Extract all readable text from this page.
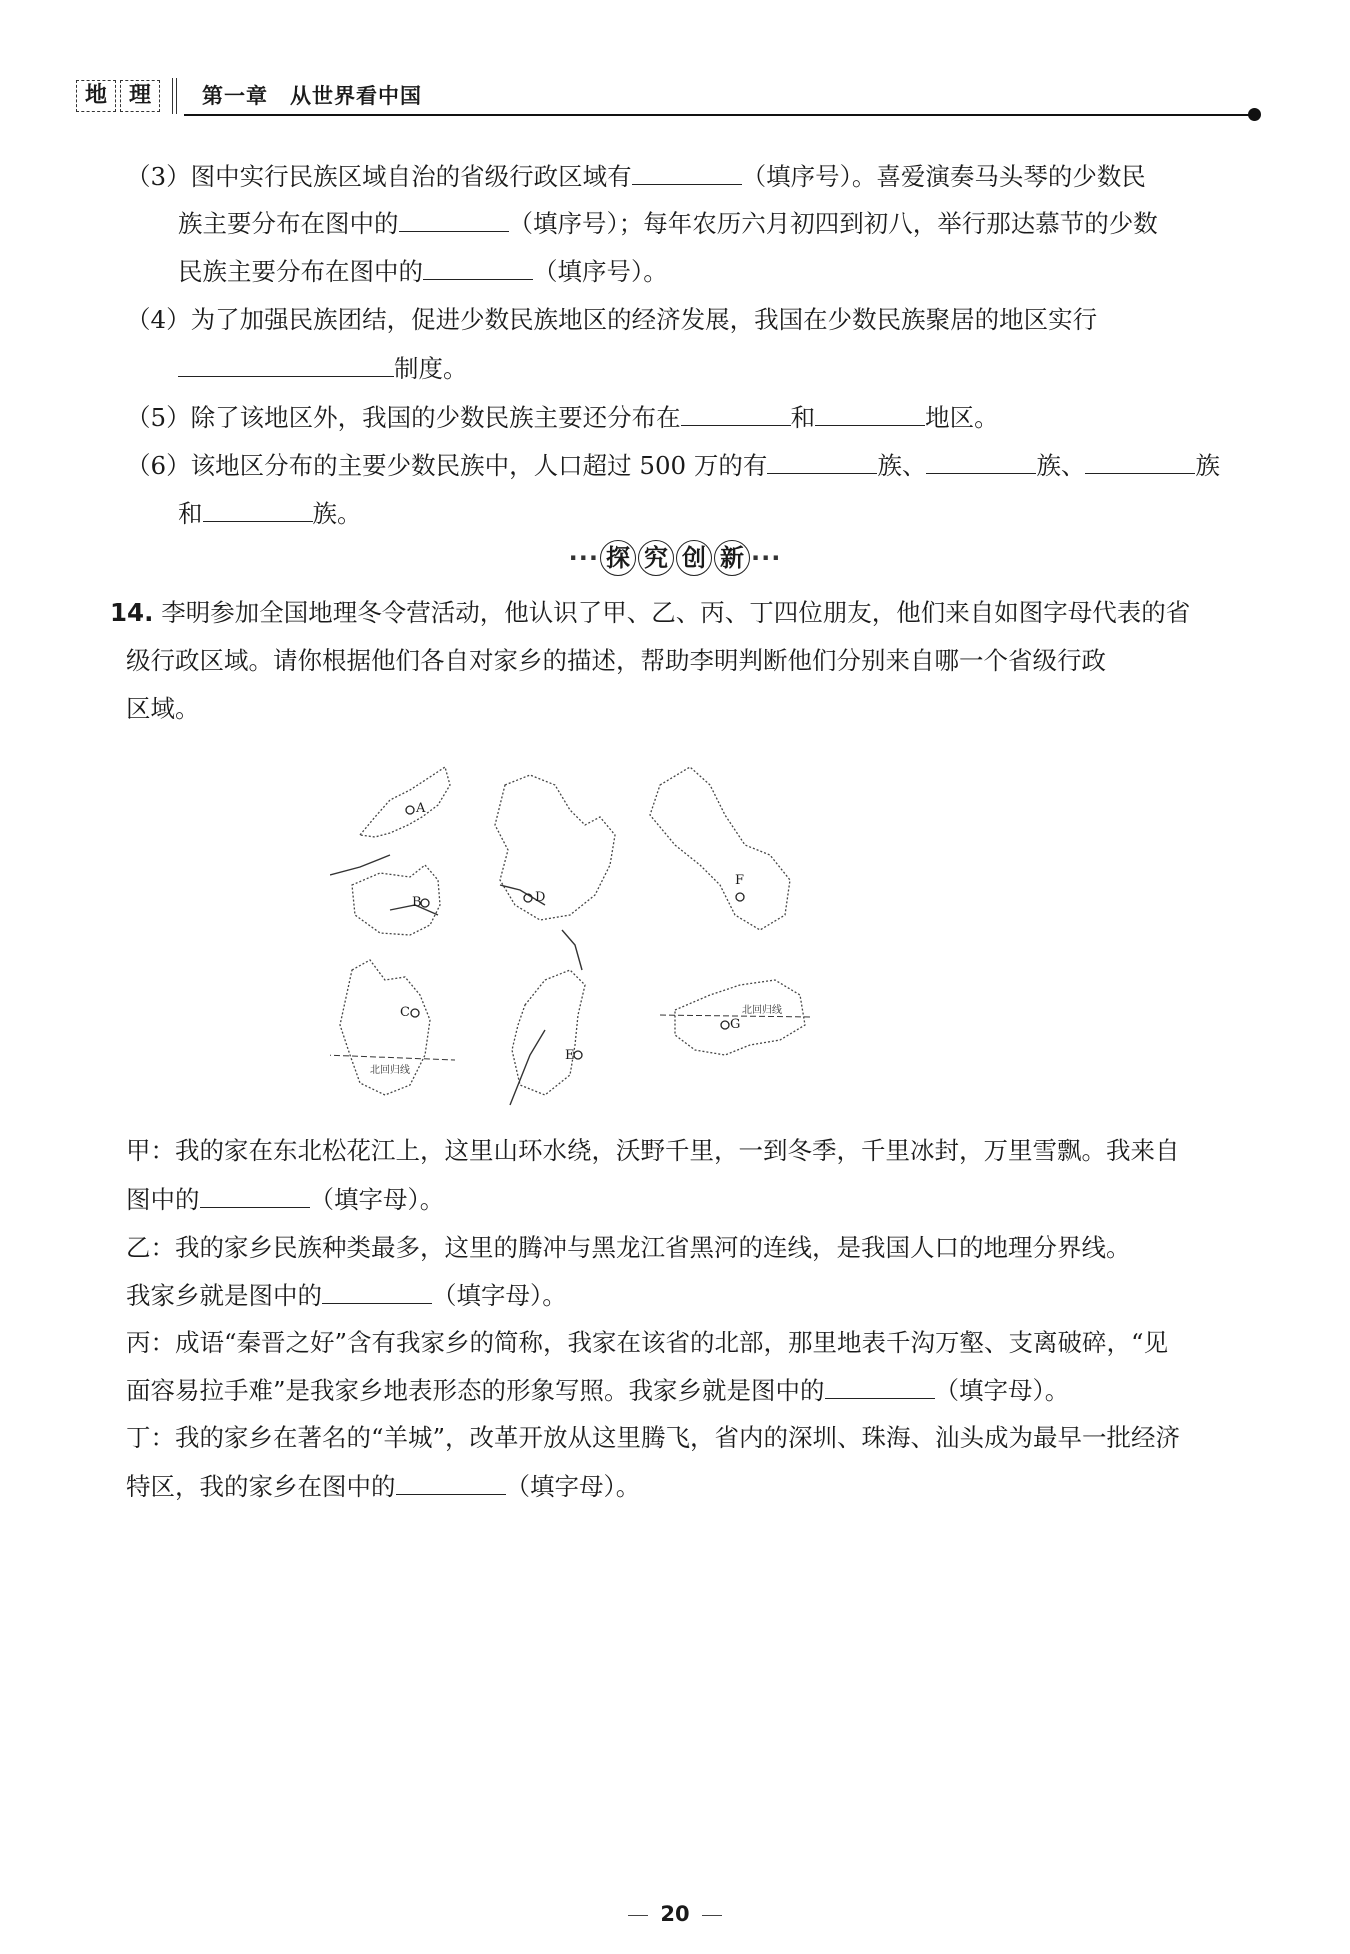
地 理	第一章 从世界看中国
（3）图中实行民族区域自治的省级行政区域有	（填序号）。喜爱演奏马头琴的少数民
族主要分布在图中的	（填序号）；每年农历六月初四到初八，举行那达慕节的少数
民族主要分布在图中的	（填序号）。
（4）为了加强民族团结，促进少数民族地区的经济发展，我国在少数民族聚居的地区实行
制度。
（5）除了该地区外，我国的少数民族主要还分布在	和	地区。
（6）该地区分布的主要少数民族中，人口超过 500 万的有	族、	族、	族
和	族。
··· 探 究 创 新 ···
14. 李明参加全国地理冬令营活动，他认识了甲、乙、丙、丁四位朋友，他们来自如图字母代表的省
级行政区域。请你根据他们各自对家乡的描述，帮助李明判断他们分别来自哪一个省级行政
区域。
A
B
C
D
E
F
G
北回归线
北回归线
甲：我的家在东北松花江上，这里山环水绕，沃野千里，一到冬季，千里冰封，万里雪飘。我来自
图中的	（填字母）。
乙：我的家乡民族种类最多，这里的腾冲与黑龙江省黑河的连线，是我国人口的地理分界线。
我家乡就是图中的	（填字母）。
丙：成语“秦晋之好”含有我家乡的简称，我家在该省的北部，那里地表千沟万壑、支离破碎，“见
面容易拉手难”是我家乡地表形态的形象写照。我家乡就是图中的	（填字母）。
丁：我的家乡在著名的“羊城”，改革开放从这里腾飞，省内的深圳、珠海、汕头成为最早一批经济
特区，我的家乡在图中的	（填字母）。
20
